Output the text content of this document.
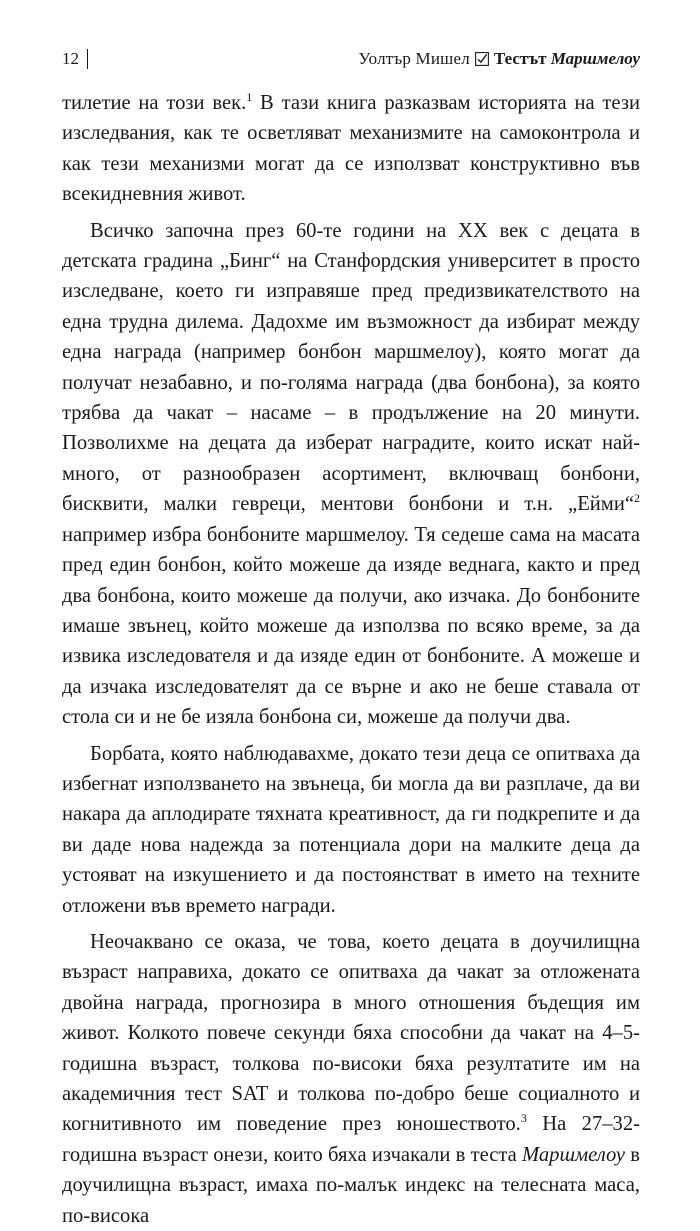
12	Уолтър Мишел Тестът Маршмелоу

тилетие на този век.$^1$ В тази книга разказвам историята на тези изследвания, как те осветляват механизмите на самоконтрола и как тези механизми могат да се използват конструктивно във всекидневния живот.

Всичко започна през 60-те години на XX век с децата в детската градина „Бинг“ на Станфордския университет в просто изследване, което ги изправяше пред предизвикателството на една трудна дилема. Дадохме им възможност да избират между една награда (например бонбон маршмелоу), която могат да получат незабавно, и по-голяма награда (два бонбона), за която трябва да чакат – насаме – в продължение на 20 минути. Позволихме на децата да изберат наградите, които искат най-много, от разнообразен асортимент, включващ бонбони, бисквити, малки геврeци, ментови бонбони и т.н. „Ейми“$^2$ например избра бонбоните маршмелоу. Тя седеше сама на масата пред един бонбон, който можеше да изяде веднага, както и пред два бонбона, които можеше да получи, ако изчака. До бонбоните имаше звънец, който можеше да използва по всяко време, за да извика изследователя и да изяде един от бонбоните. А можеше и да изчака изследователят да се върне и ако не беше ставала от стола си и не бе изяла бонбона си, можеше да получи два.

Борбата, която наблюдавахме, докато тези деца се опитваха да избегнат използването на звънеца, би могла да ви разплаче, да ви накара да аплодирате тяхната креативност, да ги подкрепите и да ви даде нова надежда за потенциала дори на малките деца да устояват на изкушението и да постоянстват в името на техните отложени във времето награди.

Неочаквано се оказа, че това, което децата в доучилищна възраст направиха, докато се опитваха да чакат за отложената двойна награда, прогнозира в много отношения бъдещия им живот. Колкото повече секунди бяха способни да чакат на 4–5-годишна възраст, толкова по-високи бяха резултатите им на академичния тест SAT и толкова по-добро беше социалното и когнитивното им поведение през юношеството.$^3$ На 27–32-годишна възраст онези, които бяха изчакали в теста Маршмелоу в доучилищна възраст, имаха по-малък индекс на телесната маса, по-висока
